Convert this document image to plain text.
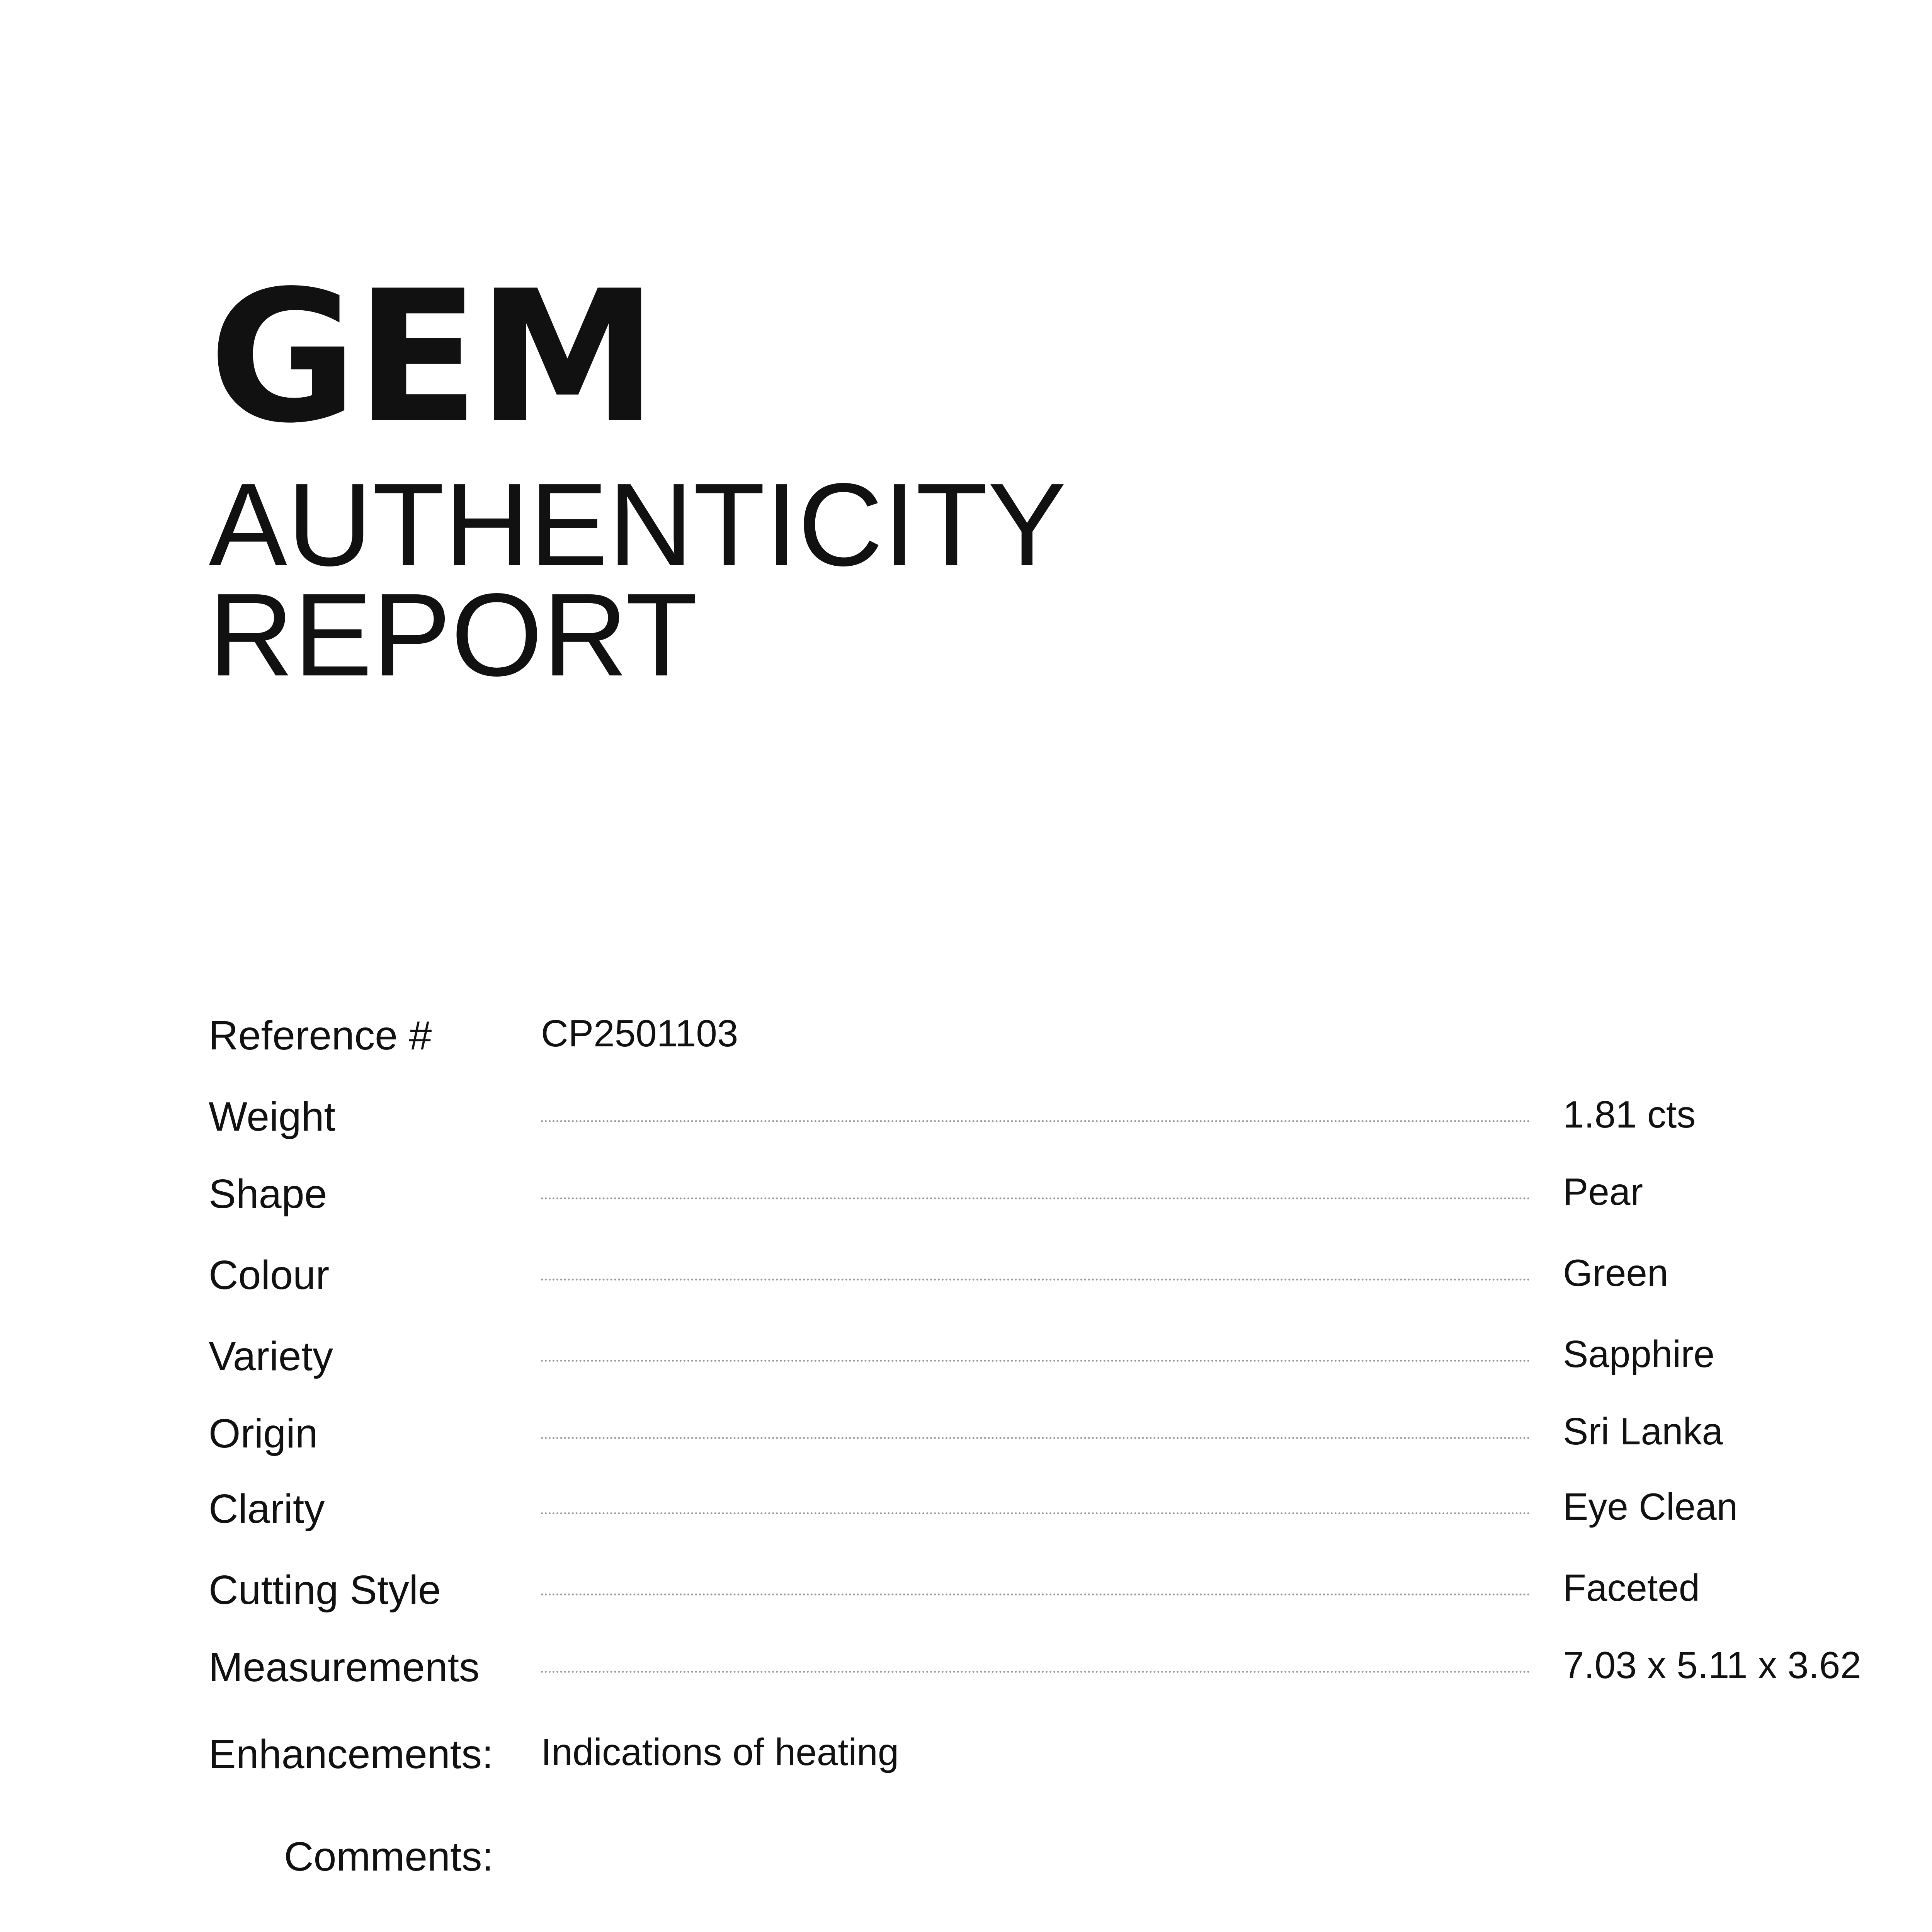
GEM
AUTHENTICITY
REPORT
Reference #	CP2501103
Weight	1.81 cts
Shape	Pear
Colour	Green
Variety	Sapphire
Origin	Sri Lanka
Clarity	Eye Clean
Cutting Style	Faceted
Measurements	7.03 x 5.11 x 3.62
Enhancements: Indications of heating
Comments:
